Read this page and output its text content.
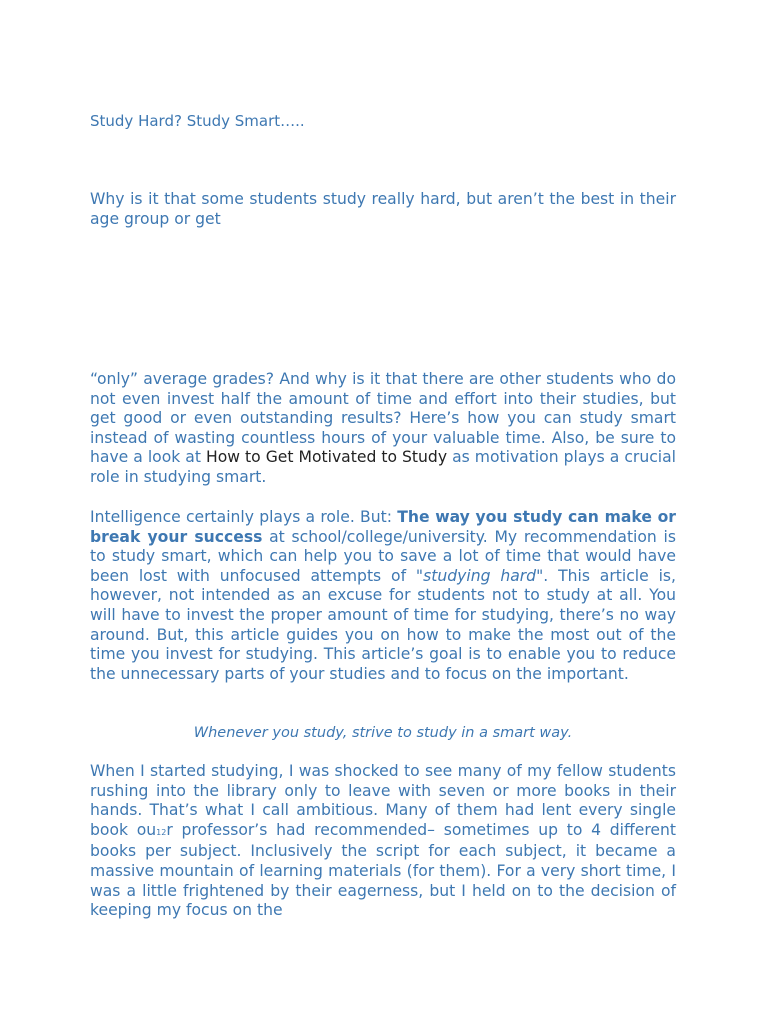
Study Hard? Study Smart…..

Why is it that some students study really hard, but aren’t the best in their age group or get

“only” average grades? And why is it that there are other students who do not even invest half the amount of time and effort into their studies, but get good or even outstanding results? Here’s how you can study smart instead of wasting countless hours of your valuable time. Also, be sure to have a look at How to Get Motivated to Study as motivation plays a crucial role in studying smart.

Intelligence certainly plays a role. But: The way you study can make or break your success at school/college/university. My recommendation is to study smart, which can help you to save a lot of time that would have been lost with unfocused attempts of "studying hard". This article is, however, not intended as an excuse for students not to study at all. You will have to invest the proper amount of time for studying, there’s no way around. But, this article guides you on how to make the most out of the time you invest for studying. This article’s goal is to enable you to reduce the unnecessary parts of your studies and to focus on the important.

Whenever you study, strive to study in a smart way.

When I started studying, I was shocked to see many of my fellow students rushing into the library only to leave with seven or more books in their hands. That’s what I call ambitious. Many of them had lent every single book ou12r professor’s had recommended– sometimes up to 4 different books per subject. Inclusively the script for each subject, it became a massive mountain of learning materials (for them). For a very short time, I was a little frightened by their eagerness, but I held on to the decision of keeping my focus on the
